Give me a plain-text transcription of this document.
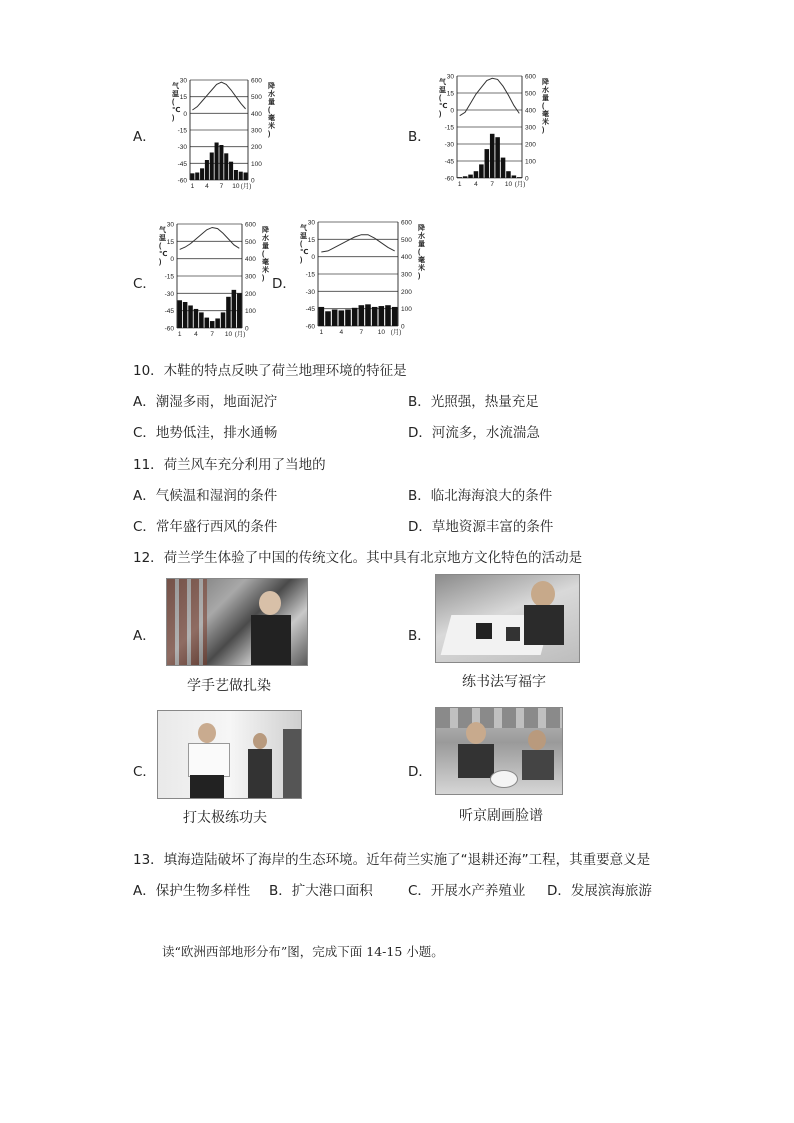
A．
30	600
15	500
0	400
-15	300
-30	200
-45	100
-60	0
气
温
(
℃
)
降
水
量
(
毫
米
)
1 4 7 10 (月)
B．
30	600
15	500
0	400
-15	300
-30	200
-45	100
-60	0
气
温
(
℃
)
降
水
量
(
毫
米
)
1 4 7 10 (月)
C．
30	600
15	500
0	400
-15	300
-30	200
-45	100
-60	0
气
温
(
℃
)
降
水
量
(
毫
米
)
1 4 7 10 (月)
D．
30	600
15	500
0	400
-15	300
-30	200
-45	100
-60	0
气
温
(
℃
)
降
水
量
(
毫
米
)
1	4	7 10 (月)
10．木鞋的特点反映了荷兰地理环境的特征是
A．潮湿多雨，地面泥泞	B．光照强，热量充足
C．地势低洼，排水通畅	D．河流多，水流湍急
11．荷兰风车充分利用了当地的
A．气候温和湿润的条件	B．临北海海浪大的条件
C．常年盛行西风的条件	D．草地资源丰富的条件
12．荷兰学生体验了中国的传统文化。其中具有北京地方文化特色的活动是
A．
学手艺做扎染
B．
练书法写福字
C．
打太极练功夫
D．
听京剧画脸谱
13．填海造陆破坏了海岸的生态环境。近年荷兰实施了“退耕还海”工程，其重要意义是
A．保护生物多样性 B．扩大港口面积	C．开展水产养殖业 D．发展滨海旅游
读“欧洲西部地形分布”图，完成下面 14-15 小题。
